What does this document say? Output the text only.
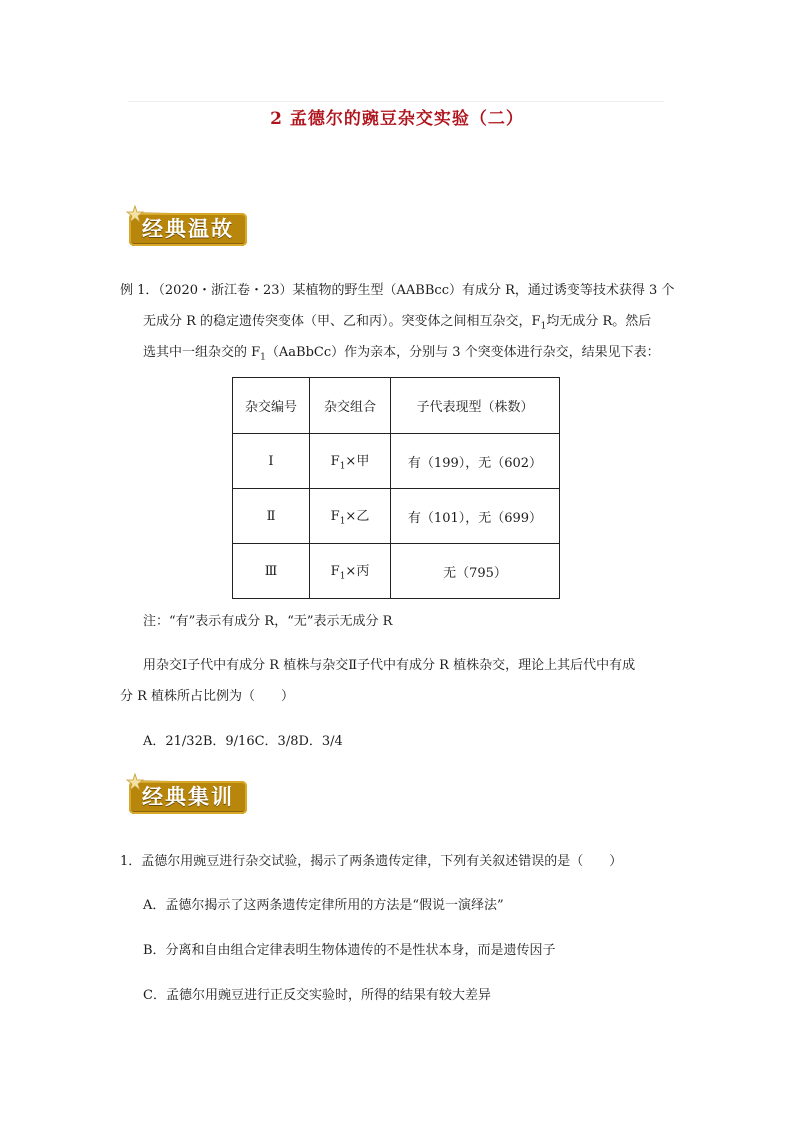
2 孟德尔的豌豆杂交实验（二）
经典温故
例 1．（2020・浙江卷・23）某植物的野生型（AABBcc）有成分 R，通过诱变等技术获得 3 个
无成分 R 的稳定遗传突变体（甲、乙和丙）。突变体之间相互杂交，$F_1$均无成分 R。然后
选其中一组杂交的 $F_1(AaBbCc)$作为亲本，分别与 3 个突变体进行杂交，结果见下表：
杂交编号	杂交组合	子代表现型（株数）
Ⅰ	$F_1\times$甲	有（199），无（602）
Ⅱ	$F_1\times$乙	有（101），无（699）
Ⅲ	$F_1\times$丙	无（795）
注：“有”表示有成分 R，“无”表示无成分 R
用杂交Ⅰ子代中有成分 R 植株与杂交Ⅱ子代中有成分 R 植株杂交，理论上其后代中有成
分 R 植株所占比例为（　　）
A．21/32B．9/16C．3/8D．3/4
经典集训
1．孟德尔用豌豆进行杂交试验，揭示了两条遗传定律，下列有关叙述错误的是（　　）
A．孟德尔揭示了这两条遗传定律所用的方法是“假说一演绎法”
B．分离和自由组合定律表明生物体遗传的不是性状本身，而是遗传因子
C．孟德尔用豌豆进行正反交实验时，所得的结果有较大差异
